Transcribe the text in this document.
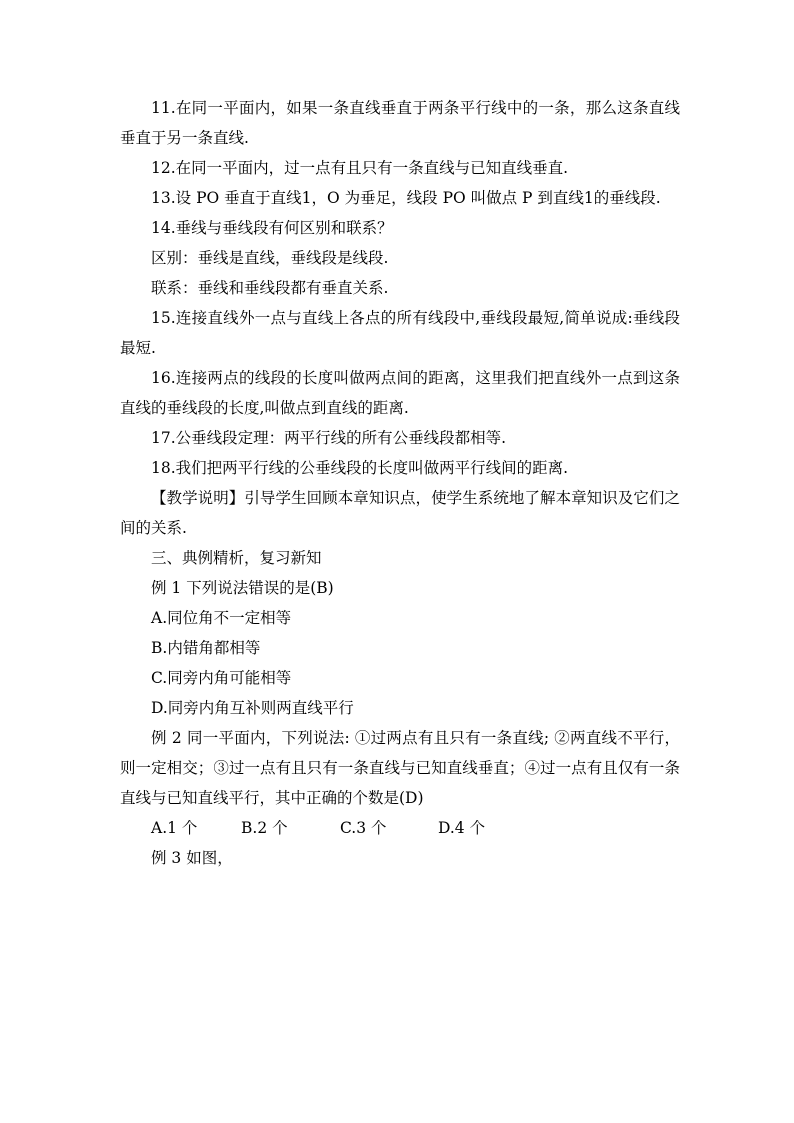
11.在同一平面内，如果一条直线垂直于两条平行线中的一条，那么这条直线垂直于另一条直线.

12.在同一平面内，过一点有且只有一条直线与已知直线垂直.

13.设 PO 垂直于直线1，O 为垂足，线段 PO 叫做点 P 到直线1的垂线段.

14.垂线与垂线段有何区别和联系？

区别：垂线是直线，垂线段是线段.

联系：垂线和垂线段都有垂直关系.

15.连接直线外一点与直线上各点的所有线段中,垂线段最短,简单说成:垂线段最短.

16.连接两点的线段的长度叫做两点间的距离，这里我们把直线外一点到这条直线的垂线段的长度,叫做点到直线的距离.

17.公垂线段定理：两平行线的所有公垂线段都相等.

18.我们把两平行线的公垂线段的长度叫做两平行线间的距离.

【教学说明】引导学生回顾本章知识点，使学生系统地了解本章知识及它们之间的关系.

三、典例精析，复习新知

例 1 下列说法错误的是(B)

A.同位角不一定相等

B.内错角都相等

C.同旁内角可能相等

D.同旁内角互补则两直线平行

例 2 同一平面内，下列说法: ①过两点有且只有一条直线; ②两直线不平行，则一定相交；③过一点有且只有一条直线与已知直线垂直；④过一点有且仅有一条直线与已知直线平行，其中正确的个数是(D)

A.1 个	B.2 个	C.3 个	D.4 个

例 3 如图，
